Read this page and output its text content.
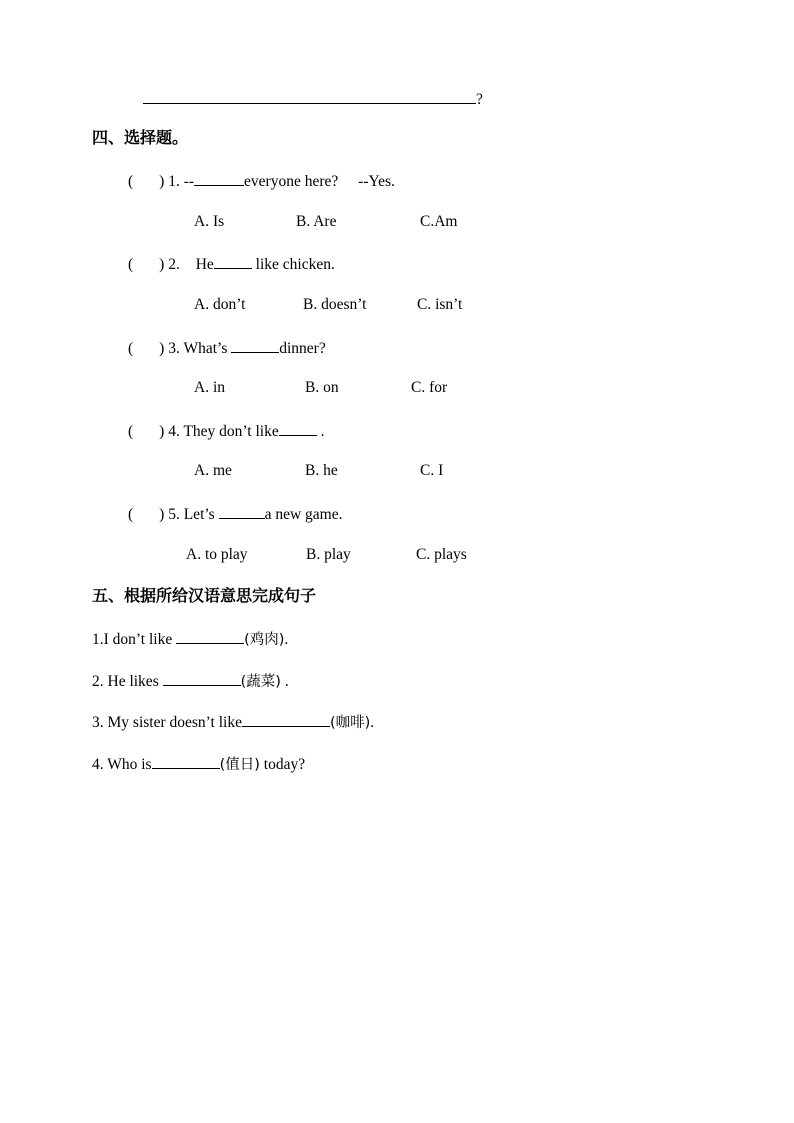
?
四、选择题。
( ) 1. --	everyone here? --Yes.
A. Is	B. Are	C.Am
( ) 2. He	like chicken.
A. don’t	B. doesn’t	C. isn’t
( ) 3. What’s	dinner?
A. in	B. on	C. for
( ) 4. They don’t like	.
A. me	B. he	C. I
( ) 5. Let’s	a new game.
A. to play	B. play	C. plays
五、根据所给汉语意思完成句子
1.I don’t like	(鸡肉).
2. He likes	(蔬菜) .
3. My sister doesn’t like	(咖啡).
4. Who is	(值日) today?
